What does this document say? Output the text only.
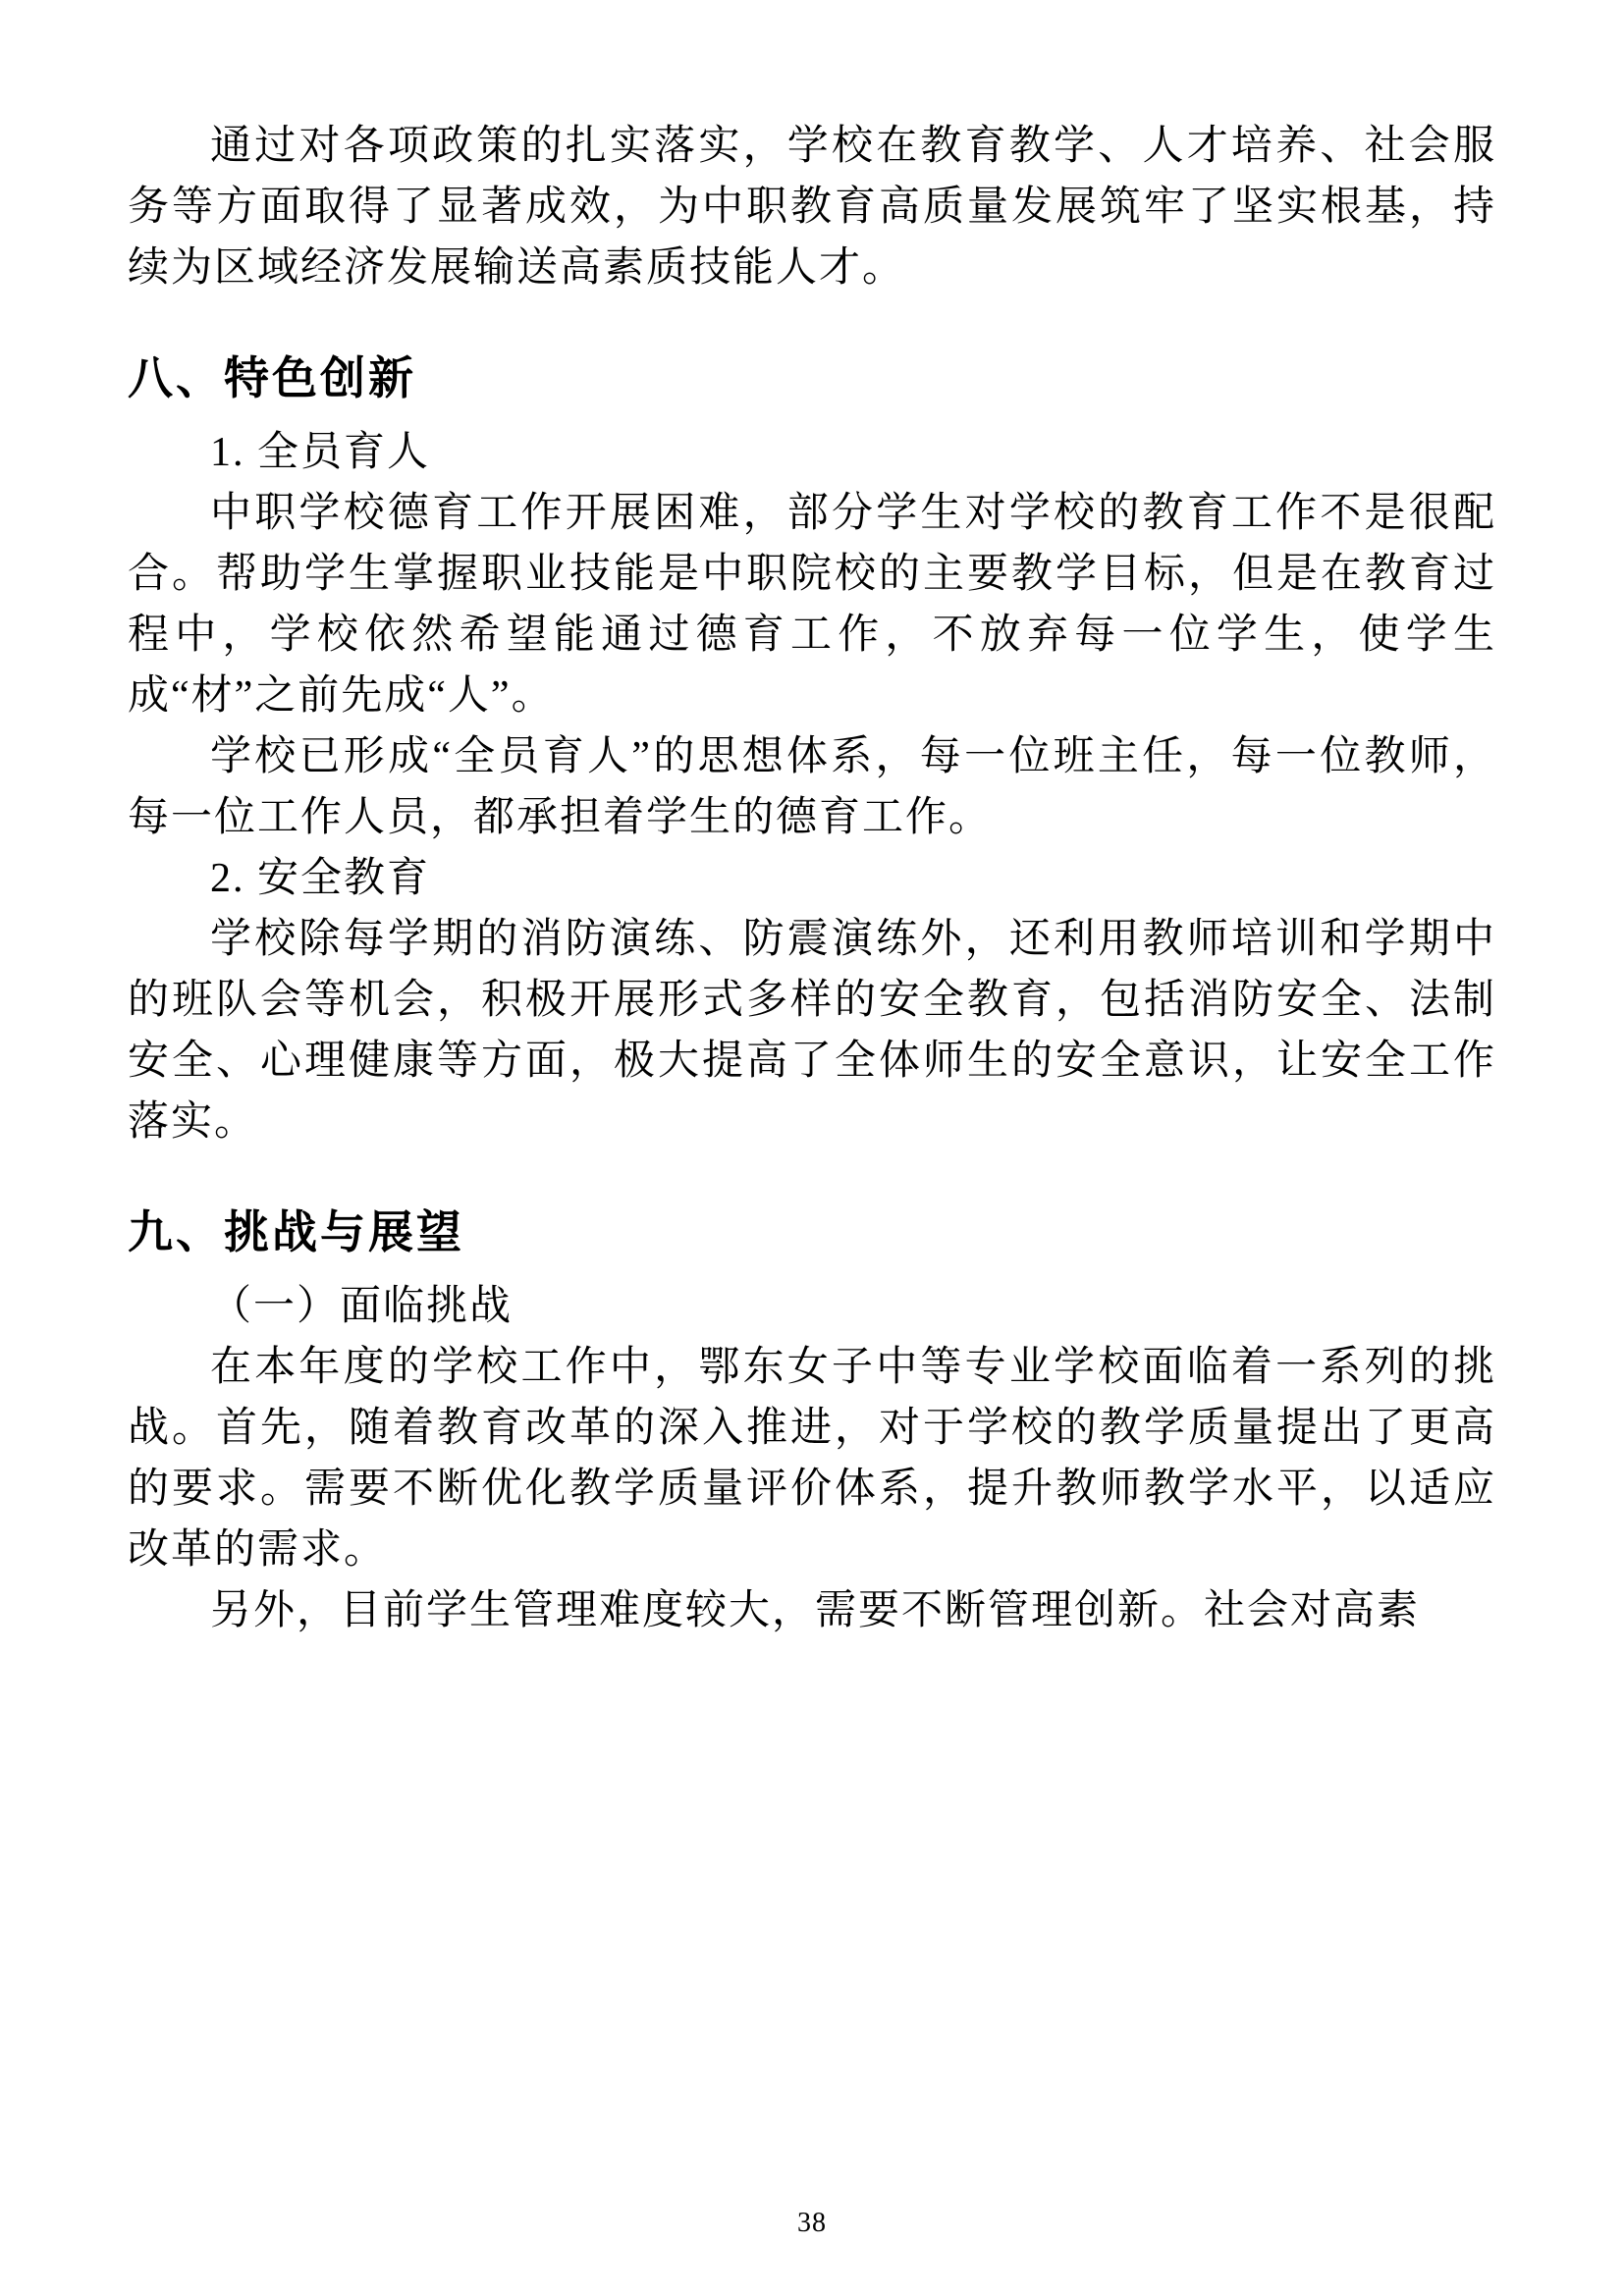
通过对各项政策的扎实落实，学校在教育教学、人才培养、社会服务等方面取得了显著成效，为中职教育高质量发展筑牢了坚实根基，持续为区域经济发展输送高素质技能人才。

八、特色创新

1. 全员育人

中职学校德育工作开展困难，部分学生对学校的教育工作不是很配合。帮助学生掌握职业技能是中职院校的主要教学目标，但是在教育过程中，学校依然希望能通过德育工作，不放弃每一位学生，使学生成“材”之前先成“人”。

学校已形成“全员育人”的思想体系，每一位班主任，每一位教师，每一位工作人员，都承担着学生的德育工作。

2. 安全教育

学校除每学期的消防演练、防震演练外，还利用教师培训和学期中的班队会等机会，积极开展形式多样的安全教育，包括消防安全、法制安全、心理健康等方面，极大提高了全体师生的安全意识，让安全工作落实。

九、挑战与展望

（一）面临挑战

在本年度的学校工作中，鄂东女子中等专业学校面临着一系列的挑战。首先，随着教育改革的深入推进，对于学校的教学质量提出了更高的要求。需要不断优化教学质量评价体系，提升教师教学水平，以适应改革的需求。

另外，目前学生管理难度较大，需要不断管理创新。社会对高素

38
